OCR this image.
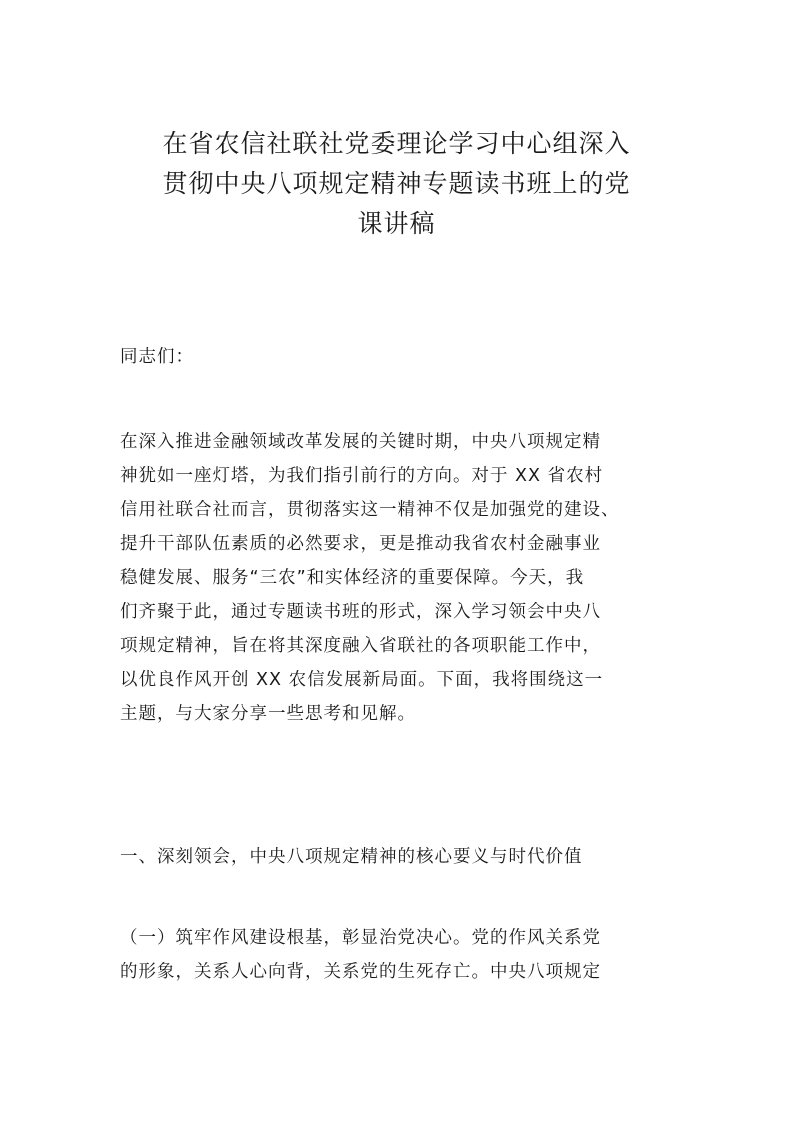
在省农信社联社党委理论学习中心组深入
贯彻中央八项规定精神专题读书班上的党
课讲稿

同志们：

在深入推进金融领域改革发展的关键时期，中央八项规定精
神犹如一座灯塔，为我们指引前行的方向。对于 XX 省农村
信用社联合社而言，贯彻落实这一精神不仅是加强党的建设、
提升干部队伍素质的必然要求，更是推动我省农村金融事业
稳健发展、服务“三农”和实体经济的重要保障。今天，我
们齐聚于此，通过专题读书班的形式，深入学习领会中央八
项规定精神，旨在将其深度融入省联社的各项职能工作中，
以优良作风开创 XX 农信发展新局面。下面，我将围绕这一
主题，与大家分享一些思考和见解。

一、深刻领会，中央八项规定精神的核心要义与时代价值

（一）筑牢作风建设根基，彰显治党决心。党的作风关系党
的形象，关系人心向背，关系党的生死存亡。中央八项规定
